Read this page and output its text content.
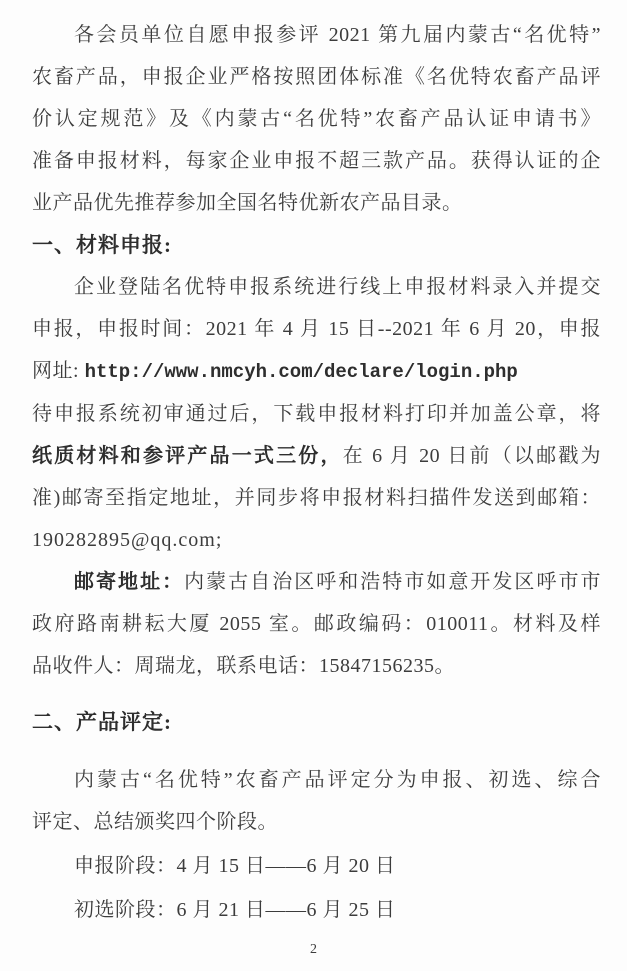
各会员单位自愿申报参评 2021 第九届内蒙古“名优特”

农畜产品，申报企业严格按照团体标准《名优特农畜产品评

价认定规范》及《内蒙古“名优特”农畜产品认证申请书》

准备申报材料，每家企业申报不超三款产品。获得认证的企

业产品优先推荐参加全国名特优新农产品目录。

一、材料申报:

企业登陆名优特申报系统进行线上申报材料录入并提交

申报，申报时间：2021 年 4 月 15 日--2021 年 6 月 20，申报

网址: http://www.nmcyh.com/declare/login.php

待申报系统初审通过后，下载申报材料打印并加盖公章，将

纸质材料和参评产品一式三份，在 6 月 20 日前（以邮戳为

准)邮寄至指定地址，并同步将申报材料扫描件发送到邮箱：

190282895@qq.com;

邮寄地址：内蒙古自治区呼和浩特市如意开发区呼市市

政府路南耕耘大厦 2055 室。邮政编码：010011。材料及样

品收件人：周瑞龙，联系电话：15847156235。

二、产品评定:

内蒙古“名优特”农畜产品评定分为申报、初选、综合

评定、总结颁奖四个阶段。

申报阶段：4 月 15 日——6 月 20 日

初选阶段：6 月 21 日——6 月 25 日

2
